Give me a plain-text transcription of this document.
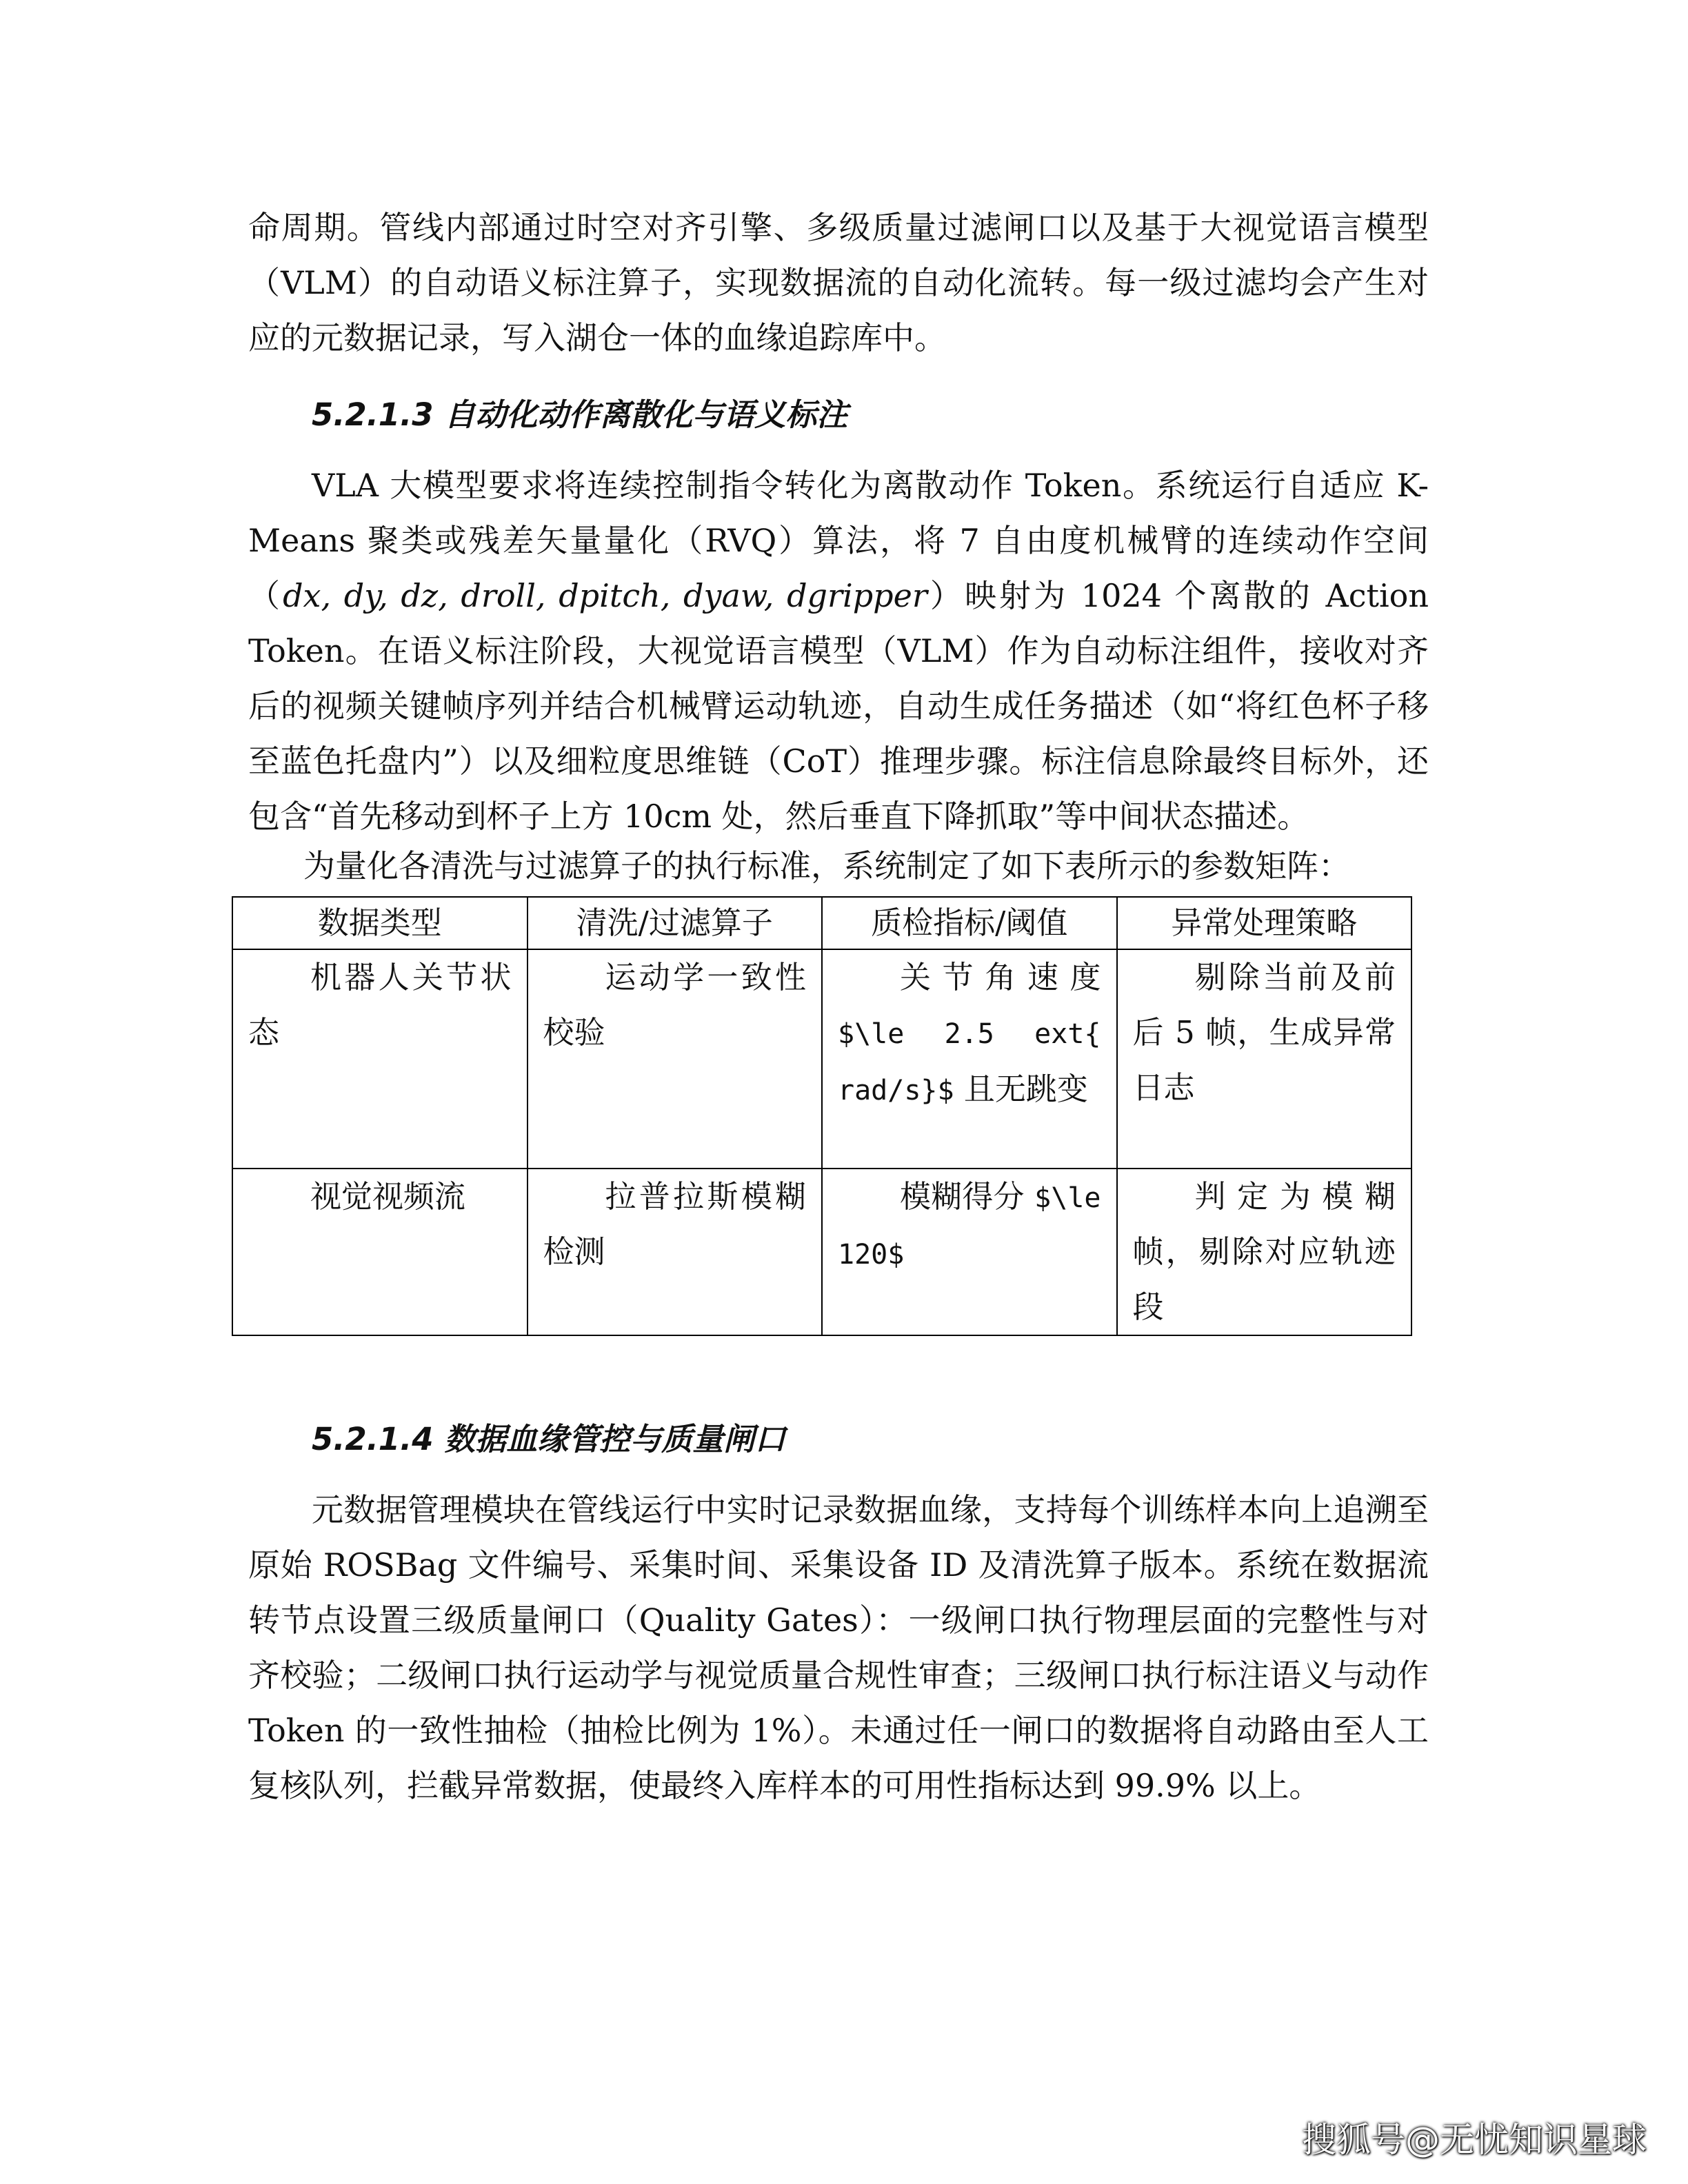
命周期。管线内部通过时空对齐引擎、多级质量过滤闸口以及基于大视觉语言模型（VLM）的自动语义标注算子，实现数据流的自动化流转。每一级过滤均会产生对应的元数据记录，写入湖仓一体的血缘追踪库中。

5.2.1.3 自动化动作离散化与语义标注

VLA 大模型要求将连续控制指令转化为离散动作 Token。系统运行自适应 K-Means 聚类或残差矢量量化（RVQ）算法，将 7 自由度机械臂的连续动作空间（dx, dy, dz, droll, dpitch, dyaw, dgripper）映射为 1024 个离散的 Action Token。在语义标注阶段，大视觉语言模型（VLM）作为自动标注组件，接收对齐后的视频关键帧序列并结合机械臂运动轨迹，自动生成任务描述（如“将红色杯子移至蓝色托盘内”）以及细粒度思维链（CoT）推理步骤。标注信息除最终目标外，还包含“首先移动到杯子上方 10cm 处，然后垂直下降抓取”等中间状态描述。

为量化各清洗与过滤算子的执行标准，系统制定了如下表所示的参数矩阵：

数据类型	清洗/过滤算子	质检指标/阈值	异常处理策略
机器人关节状态	运动学一致性校验	关节角速度 $\le 2.5 ext{ rad/s}$ 且无跳变	剔除当前及前后 5 帧，生成异常日志
视觉视频流	拉普拉斯模糊检测	模糊得分 $\le 120$	判定为模糊帧，剔除对应轨迹段
5.2.1.4 数据血缘管控与质量闸口

元数据管理模块在管线运行中实时记录数据血缘，支持每个训练样本向上追溯至原始 ROSBag 文件编号、采集时间、采集设备 ID 及清洗算子版本。系统在数据流转节点设置三级质量闸口（Quality Gates）：一级闸口执行物理层面的完整性与对齐校验；二级闸口执行运动学与视觉质量合规性审查；三级闸口执行标注语义与动作 Token 的一致性抽检（抽检比例为 1%）。未通过任一闸口的数据将自动路由至人工复核队列，拦截异常数据，使最终入库样本的可用性指标达到 99.9% 以上。

搜狐号@无忧知识星球
